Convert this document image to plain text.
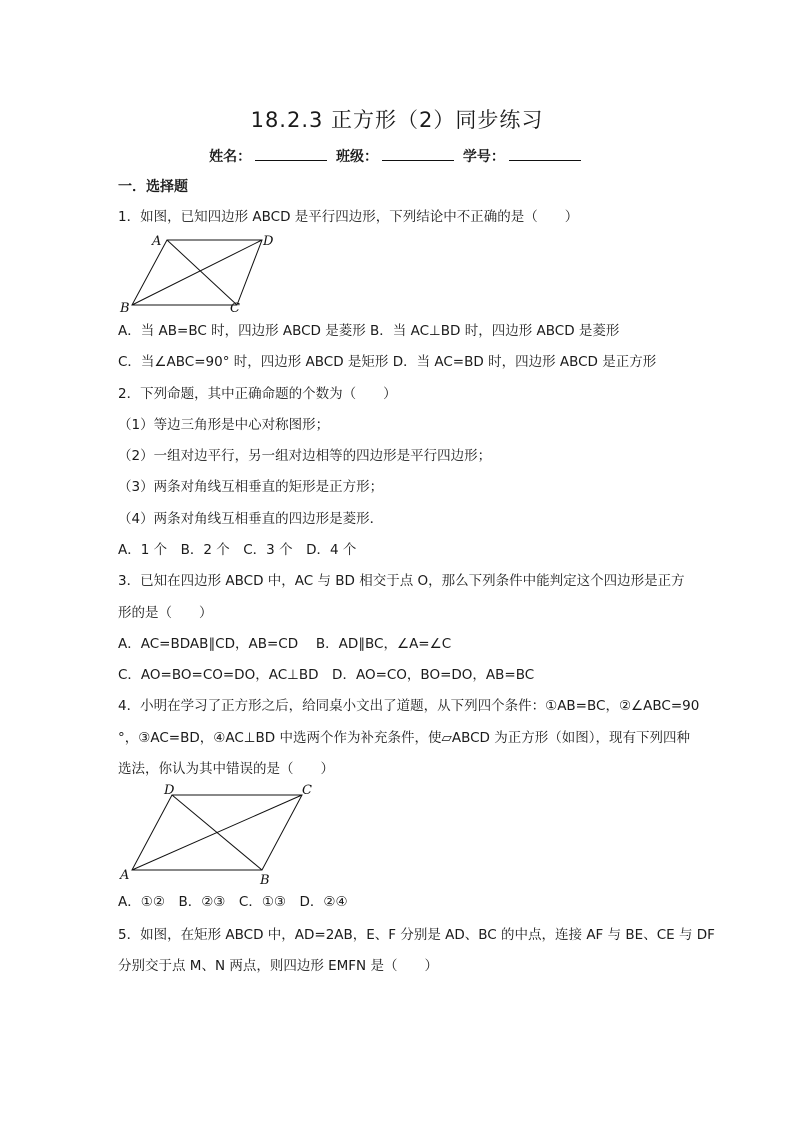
18.2.3 正方形（2）同步练习
姓名：	班级：	学号：
一．选择题
1．如图，已知四边形 ABCD 是平行四边形，下列结论中不正确的是（　　）
A	D
B	C
A．当 AB=BC 时，四边形 ABCD 是菱形 B．当 AC⊥BD 时，四边形 ABCD 是菱形
C．当∠ABC=90° 时，四边形 ABCD 是矩形 D．当 AC=BD 时，四边形 ABCD 是正方形
2．下列命题，其中正确命题的个数为（　　）
（1）等边三角形是中心对称图形；
（2）一组对边平行，另一组对边相等的四边形是平行四边形；
（3）两条对角线互相垂直的矩形是正方形；
（4）两条对角线互相垂直的四边形是菱形．
A．1 个　B．2 个　C．3 个　D．4 个
3．已知在四边形 ABCD 中，AC 与 BD 相交于点 O，那么下列条件中能判定这个四边形是正方
形的是（　　）
A．AC=BDAB∥CD，AB=CD　 B．AD∥BC，∠A=∠C
C．AO=BO=CO=DO，AC⊥BD　D．AO=CO，BO=DO，AB=BC
4．小明在学习了正方形之后，给同桌小文出了道题，从下列四个条件：①AB=BC，②∠ABC=90
°，③AC=BD，④AC⊥BD 中选两个作为补充条件，使▱ABCD 为正方形（如图），现有下列四种
选法，你认为其中错误的是（　　）
A	B
C
D
A．①②　B．②③　C．①③　D．②④
5．如图，在矩形 ABCD 中，AD=2AB，E、F 分别是 AD、BC 的中点，连接 AF 与 BE、CE 与 DF
分别交于点 M、N 两点，则四边形 EMFN 是（　　）
